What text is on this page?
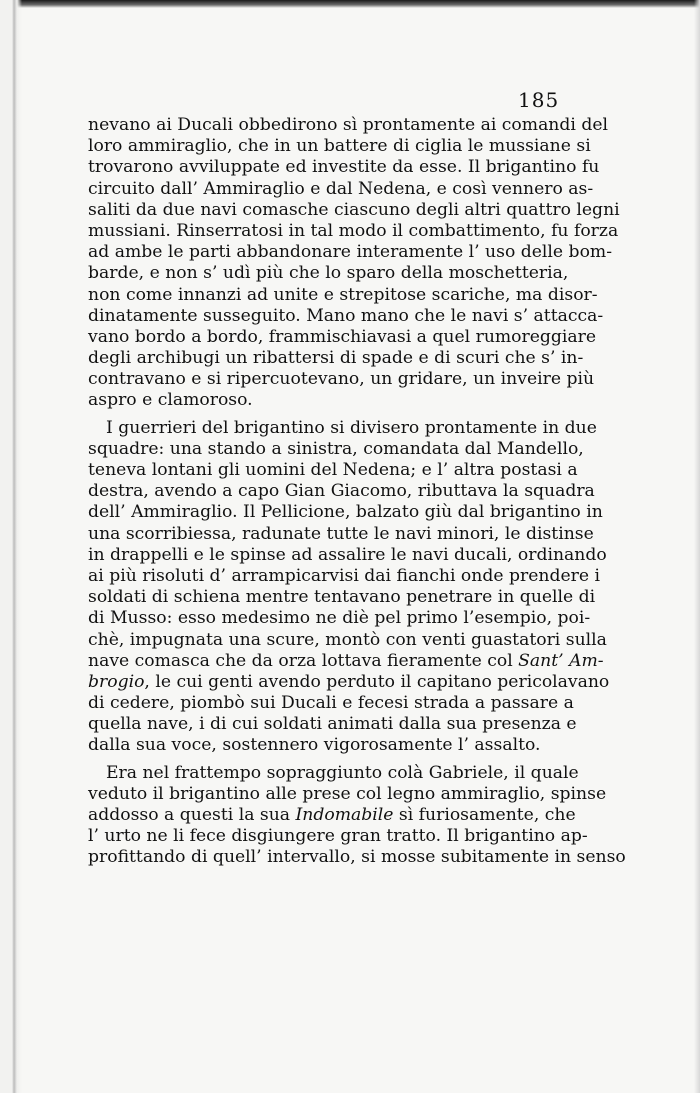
185
nevano ai Ducali obbedirono sì prontamente ai comandi del
loro ammiraglio, che in un battere di ciglia le mussiane si
trovarono avviluppate ed investite da esse. Il brigantino fu
circuito dall’ Ammiraglio e dal Nedena, e così vennero as-
saliti da due navi comasche ciascuno degli altri quattro legni
mussiani. Rinserratosi in tal modo il combattimento, fu forza
ad ambe le parti abbandonare interamente l’ uso delle bom-
barde, e non s’ udì più che lo sparo della moschetteria,
non come innanzi ad unite e strepitose scariche, ma disor-
dinatamente susseguito. Mano mano che le navi s’ attacca-
vano bordo a bordo, frammischiavasi a quel rumoreggiare
degli archibugi un ribattersi di spade e di scuri che s’ in-
contravano e si ripercuotevano, un gridare, un inveire più
aspro e clamoroso.
I guerrieri del brigantino si divisero prontamente in due
squadre: una stando a sinistra, comandata dal Mandello,
teneva lontani gli uomini del Nedena; e l’ altra postasi a
destra, avendo a capo Gian Giacomo, ributtava la squadra
dell’ Ammiraglio. Il Pellicione, balzato giù dal brigantino in
una scorribiessa, radunate tutte le navi minori, le distinse
in drappelli e le spinse ad assalire le navi ducali, ordinando
ai più risoluti d’ arrampicarvisi dai fianchi onde prendere i
soldati di schiena mentre tentavano penetrare in quelle di
di Musso: esso medesimo ne diè pel primo l’esempio, poi-
chè, impugnata una scure, montò con venti guastatori sulla
nave comasca che da orza lottava fieramente col Sant’ Am-
brogio, le cui genti avendo perduto il capitano pericolavano
di cedere, piombò sui Ducali e fecesi strada a passare a
quella nave, i di cui soldati animati dalla sua presenza e
dalla sua voce, sostennero vigorosamente l’ assalto.
Era nel frattempo sopraggiunto colà Gabriele, il quale
veduto il brigantino alle prese col legno ammiraglio, spinse
addosso a questi la sua Indomabile sì furiosamente, che
l’ urto ne li fece disgiungere gran tratto. Il brigantino ap-
profittando di quell’ intervallo, si mosse subitamente in senso
